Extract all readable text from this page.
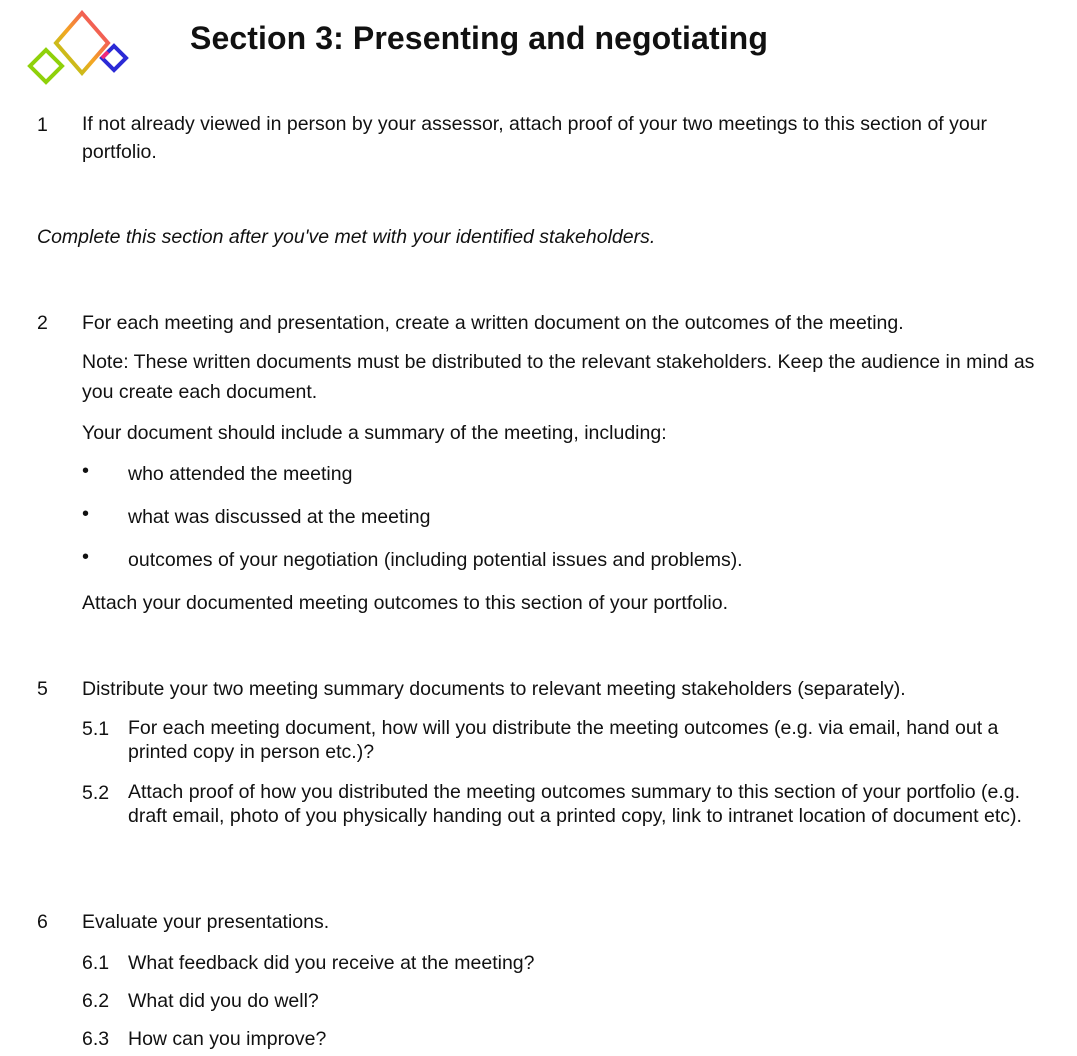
Section 3: Presenting and negotiating
1 If not already viewed in person by your assessor, attach proof of your two meetings to this section of your portfolio.
Complete this section after you've met with your identified stakeholders.
2 For each meeting and presentation, create a written document on the outcomes of the meeting.
Note: These written documents must be distributed to the relevant stakeholders. Keep the audience in mind as you create each document.
Your document should include a summary of the meeting, including:
• who attended the meeting
• what was discussed at the meeting
• outcomes of your negotiation (including potential issues and problems).
Attach your documented meeting outcomes to this section of your portfolio.
5 Distribute your two meeting summary documents to relevant meeting stakeholders (separately).
5.1 For each meeting document, how will you distribute the meeting outcomes (e.g. via email, hand out a printed copy in person etc.)?
5.2 Attach proof of how you distributed the meeting outcomes summary to this section of your portfolio (e.g. draft email, photo of you physically handing out a printed copy, link to intranet location of document etc).
6 Evaluate your presentations.
6.1 What feedback did you receive at the meeting?
6.2 What did you do well?
6.3 How can you improve?
